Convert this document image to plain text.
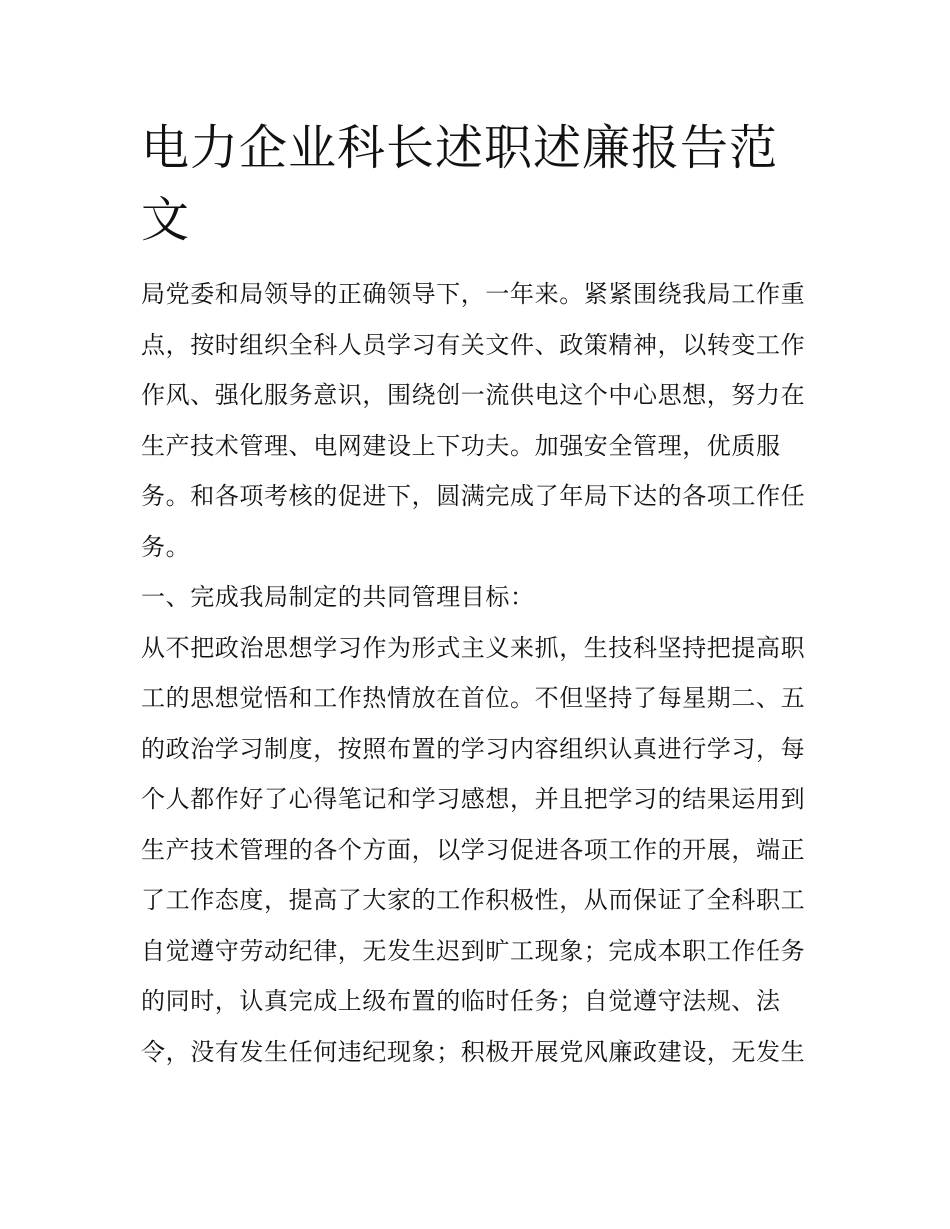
电力企业科长述职述廉报告范文

局党委和局领导的正确领导下，一年来。紧紧围绕我局工作重点，按时组织全科人员学习有关文件、政策精神，以转变工作作风、强化服务意识，围绕创一流供电这个中心思想，努力在生产技术管理、电网建设上下功夫。加强安全管理，优质服务。和各项考核的促进下，圆满完成了年局下达的各项工作任务。

一、完成我局制定的共同管理目标：

从不把政治思想学习作为形式主义来抓，生技科坚持把提高职工的思想觉悟和工作热情放在首位。不但坚持了每星期二、五的政治学习制度，按照布置的学习内容组织认真进行学习，每个人都作好了心得笔记和学习感想，并且把学习的结果运用到生产技术管理的各个方面，以学习促进各项工作的开展，端正了工作态度，提高了大家的工作积极性，从而保证了全科职工自觉遵守劳动纪律，无发生迟到旷工现象；完成本职工作任务的同时，认真完成上级布置的临时任务；自觉遵守法规、法令，没有发生任何违纪现象；积极开展党风廉政建设，无发生
